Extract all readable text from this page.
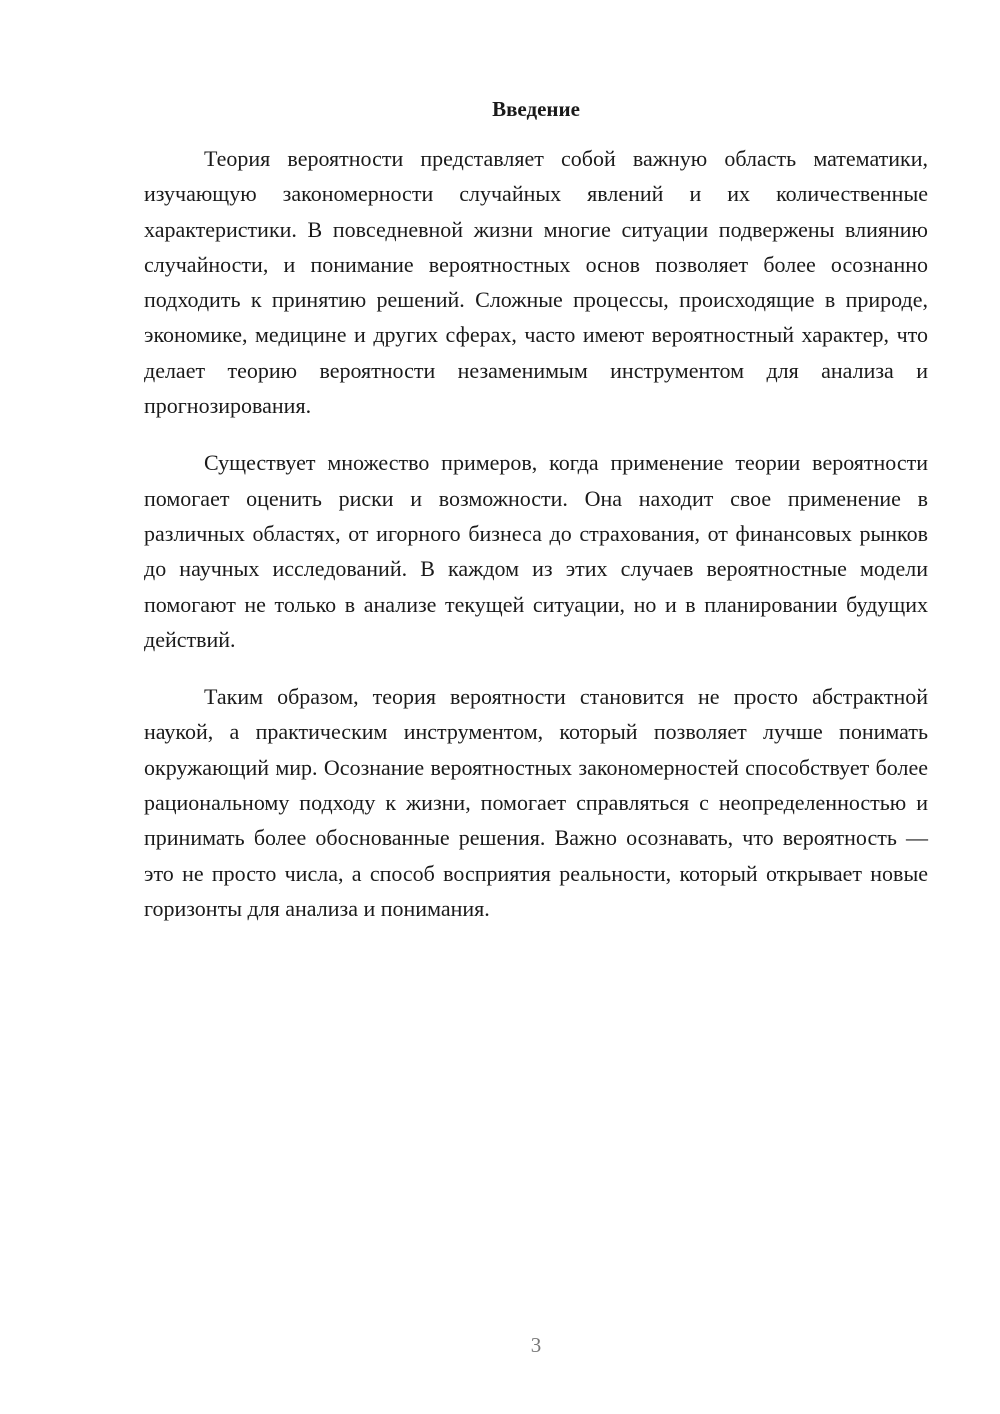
Введение

Теория вероятности представляет собой важную область математики, изучающую закономерности случайных явлений и их количественные характеристики. В повседневной жизни многие ситуации подвержены влиянию случайности, и понимание вероятностных основ позволяет более осознанно подходить к принятию решений. Сложные процессы, происходящие в природе, экономике, медицине и других сферах, часто имеют вероятностный характер, что делает теорию вероятности незаменимым инструментом для анализа и прогнозирования.

Существует множество примеров, когда применение теории вероятности помогает оценить риски и возможности. Она находит свое применение в различных областях, от игорного бизнеса до страхования, от финансовых рынков до научных исследований. В каждом из этих случаев вероятностные модели помогают не только в анализе текущей ситуации, но и в планировании будущих действий.

Таким образом, теория вероятности становится не просто абстрактной наукой, а практическим инструментом, который позволяет лучше понимать окружающий мир. Осознание вероятностных закономерностей способствует более рациональному подходу к жизни, помогает справляться с неопределенностью и принимать более обоснованные решения. Важно осознавать, что вероятность — это не просто числа, а способ восприятия реальности, который открывает новые горизонты для анализа и понимания.

3
